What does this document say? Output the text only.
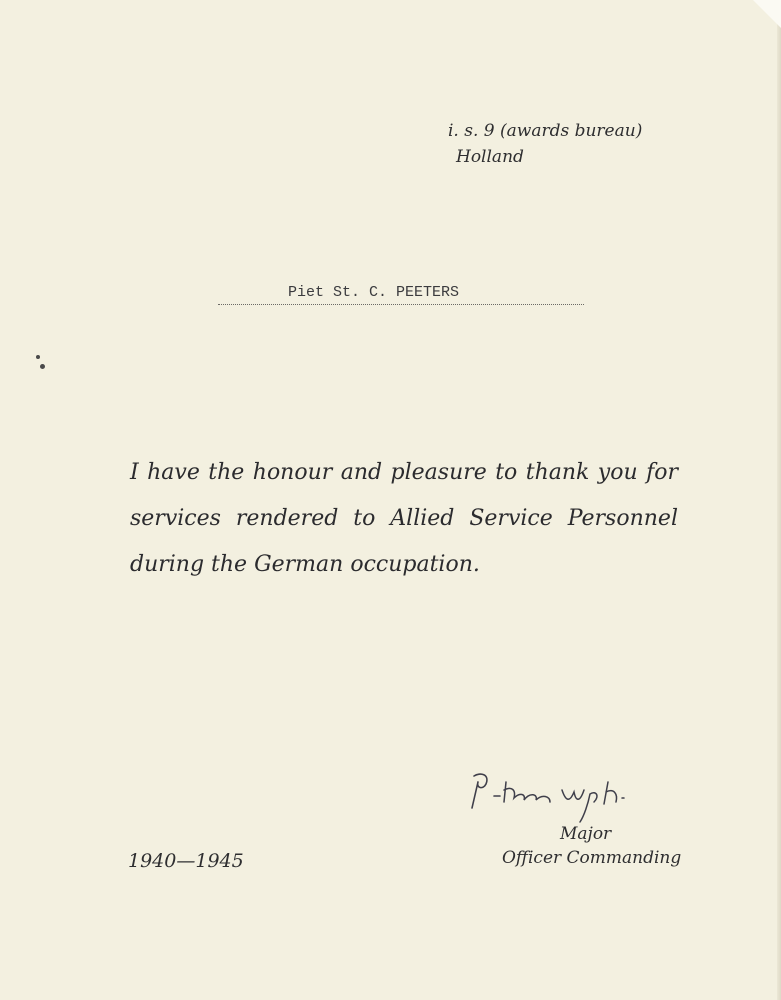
i. s. 9 (awards bureau)
Holland
Piet St. C. PEETERS
I have the honour and pleasure to thank you for services rendered to Allied Service Personnel during the German occupation.
Major
Officer Commanding
1940—1945
